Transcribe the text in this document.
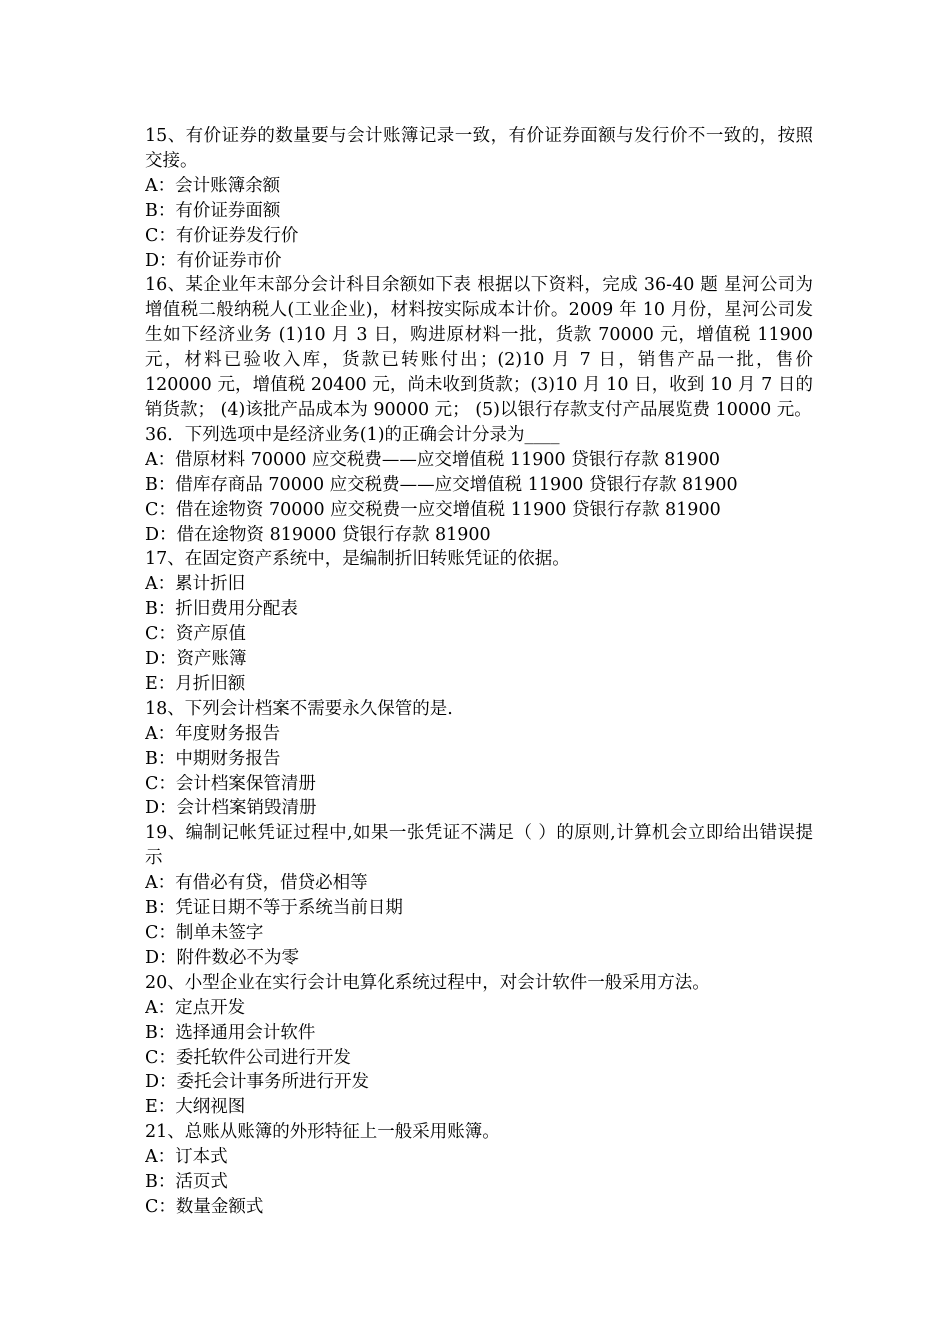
15、有价证券的数量要与会计账簿记录一致，有价证券面额与发行价不一致的，按照交接。
A：会计账簿余额
B：有价证券面额
C：有价证券发行价
D：有价证券市价
16、某企业年末部分会计科目余额如下表 根据以下资料，完成 36-40 题 星河公司为增值税二般纳税人(工业企业)，材料按实际成本计价。2009 年 10 月份，星河公司发生如下经济业务 (1)10 月 3 日，购进原材料一批，货款 70000 元，增值税 11900 元，材料已验收入库，货款已转账付出；(2)10 月 7 日，销售产品一批，售价 120000 元，增值税 20400 元，尚未收到货款；(3)10 月 10 日，收到 10 月 7 日的销货款； (4)该批产品成本为 90000 元； (5)以银行存款支付产品展览费 10000 元。
36．下列选项中是经济业务(1)的正确会计分录为____
A：借原材料 70000 应交税费——应交增值税 11900 贷银行存款 81900
B：借库存商品 70000 应交税费——应交增值税 11900 贷银行存款 81900
C：借在途物资 70000 应交税费一应交增值税 11900 贷银行存款 81900
D：借在途物资 819000 贷银行存款 81900
17、在固定资产系统中，是编制折旧转账凭证的依据。
A：累计折旧
B：折旧费用分配表
C：资产原值
D：资产账簿
E：月折旧额
18、下列会计档案不需要永久保管的是.
A：年度财务报告
B：中期财务报告
C：会计档案保管清册
D：会计档案销毁清册
19、编制记帐凭证过程中,如果一张凭证不满足（ ）的原则,计算机会立即给出错误提示
A：有借必有贷，借贷必相等
B：凭证日期不等于系统当前日期
C：制单未签字
D：附件数必不为零
20、小型企业在实行会计电算化系统过程中，对会计软件一般采用方法。
A：定点开发
B：选择通用会计软件
C：委托软件公司进行开发
D：委托会计事务所进行开发
E：大纲视图
21、总账从账簿的外形特征上一般采用账簿。
A：订本式
B：活页式
C：数量金额式
